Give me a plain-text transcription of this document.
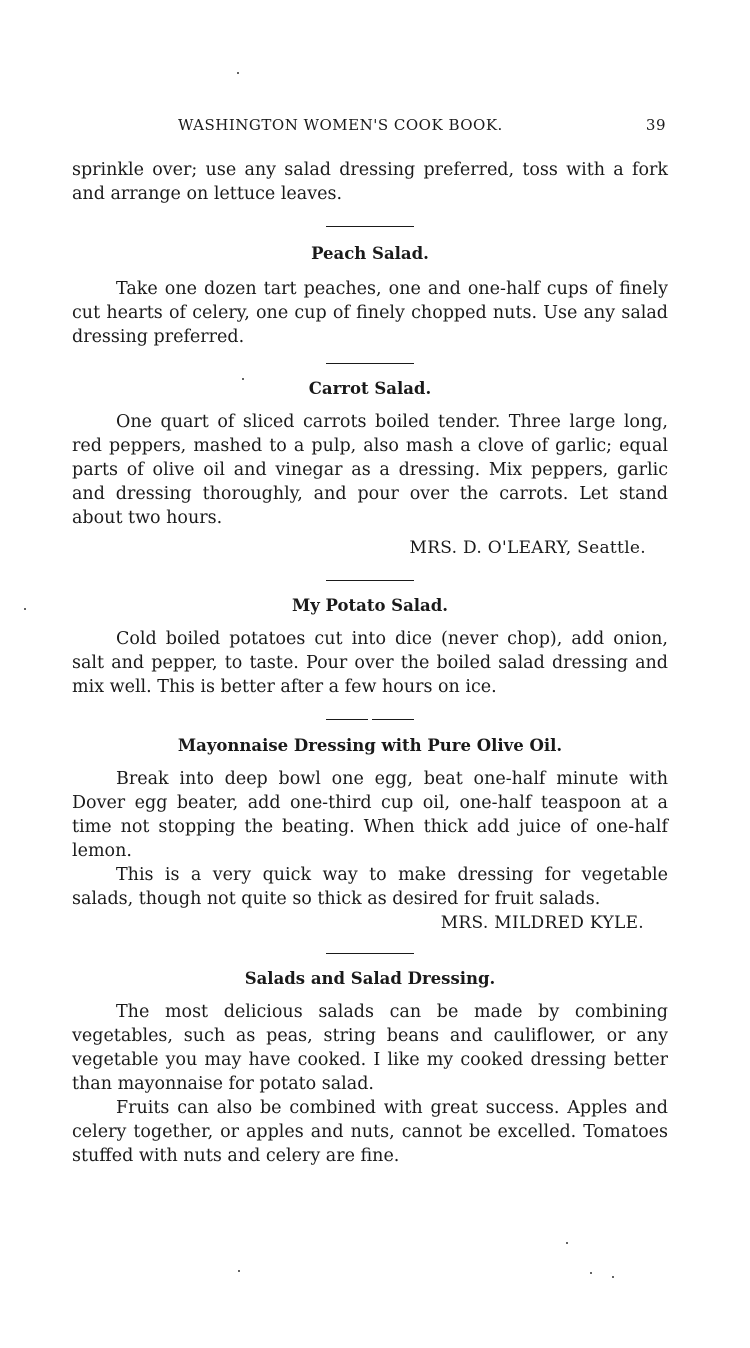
WASHINGTON WOMEN'S COOK BOOK.	39

sprinkle over; use any salad dressing preferred, toss with a fork and arrange on lettuce leaves.

Peach Salad.

Take one dozen tart peaches, one and one-half cups of finely cut hearts of celery, one cup of finely chopped nuts. Use any salad dressing preferred.

Carrot Salad.

One quart of sliced carrots boiled tender. Three large long, red peppers, mashed to a pulp, also mash a clove of garlic; equal parts of olive oil and vinegar as a dressing. Mix peppers, garlic and dressing thoroughly, and pour over the carrots. Let stand about two hours.

MRS. D. O'LEARY, Seattle.

My Potato Salad.

Cold boiled potatoes cut into dice (never chop), add onion, salt and pepper, to taste. Pour over the boiled salad dressing and mix well. This is better after a few hours on ice.

Mayonnaise Dressing with Pure Olive Oil.

Break into deep bowl one egg, beat one-half minute with Dover egg beater, add one-third cup oil, one-half teaspoon at a time not stopping the beating. When thick add juice of one-half lemon.

This is a very quick way to make dressing for vegetable salads, though not quite so thick as desired for fruit salads.

MRS. MILDRED KYLE.

Salads and Salad Dressing.

The most delicious salads can be made by combining vegetables, such as peas, string beans and cauliflower, or any vegetable you may have cooked. I like my cooked dressing better than mayonnaise for potato salad.

Fruits can also be combined with great success. Apples and celery together, or apples and nuts, cannot be excelled. Tomatoes stuffed with nuts and celery are fine.
